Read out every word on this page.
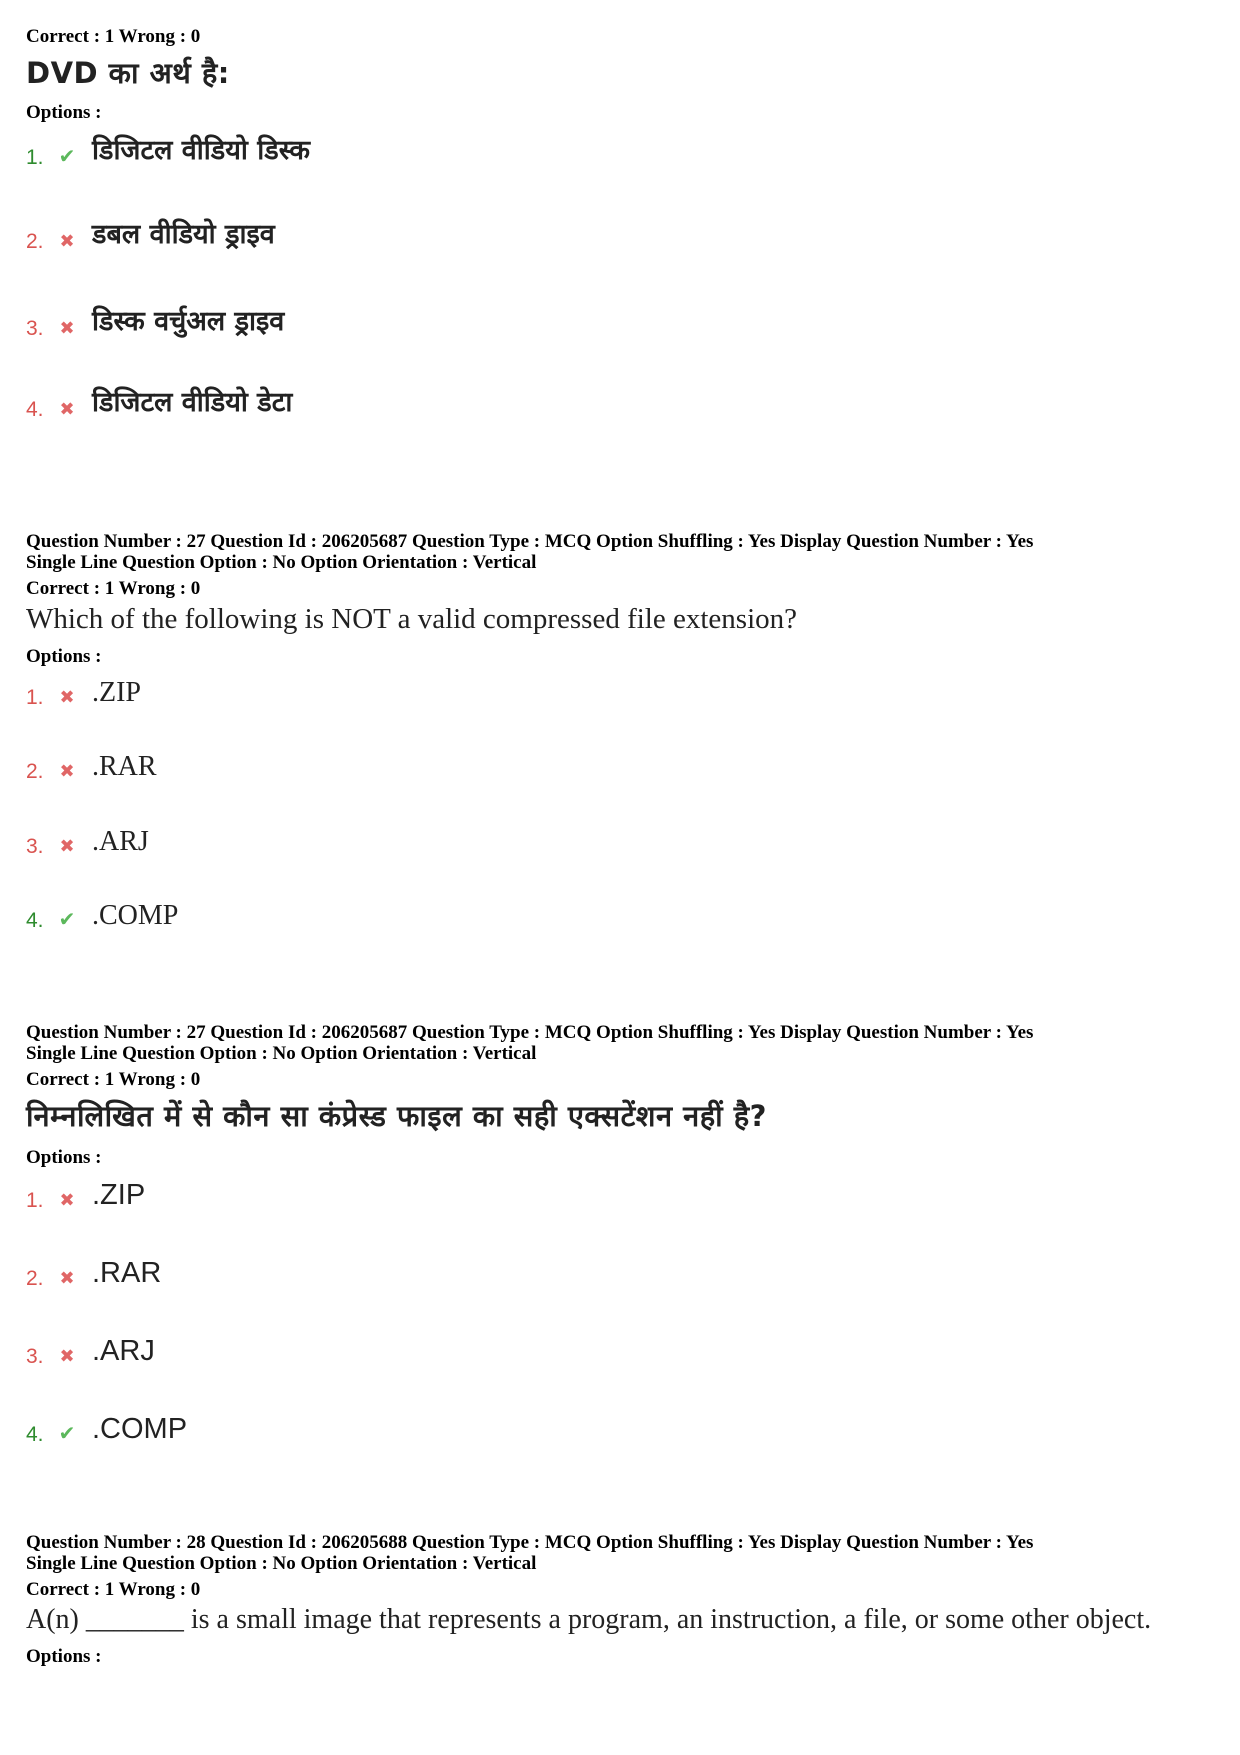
Correct : 1 Wrong : 0

DVD का अर्थ है:

Options :

1. ✔ डिजिटल वीडियो डिस्क
2. ✖ डबल वीडियो ड्राइव
3. ✖ डिस्क वर्चुअल ड्राइव
4. ✖ डिजिटल वीडियो डेटा

Question Number : 27 Question Id : 206205687 Question Type : MCQ Option Shuffling : Yes Display Question Number : Yes

Single Line Question Option : No Option Orientation : Vertical

Correct : 1 Wrong : 0

Which of the following is NOT a valid compressed file extension?

Options :

1. ✖ .ZIP
2. ✖ .RAR
3. ✖ .ARJ
4. ✔ .COMP

Question Number : 27 Question Id : 206205687 Question Type : MCQ Option Shuffling : Yes Display Question Number : Yes

Single Line Question Option : No Option Orientation : Vertical

Correct : 1 Wrong : 0

निम्नलिखित में से कौन सा कंप्रेस्ड फाइल का सही एक्सटेंशन नहीं है?

Options :

1. ✖ .ZIP
2. ✖ .RAR
3. ✖ .ARJ
4. ✔ .COMP

Question Number : 28 Question Id : 206205688 Question Type : MCQ Option Shuffling : Yes Display Question Number : Yes

Single Line Question Option : No Option Orientation : Vertical

Correct : 1 Wrong : 0

A(n) _______ is a small image that represents a program, an instruction, a file, or some other object.

Options :
